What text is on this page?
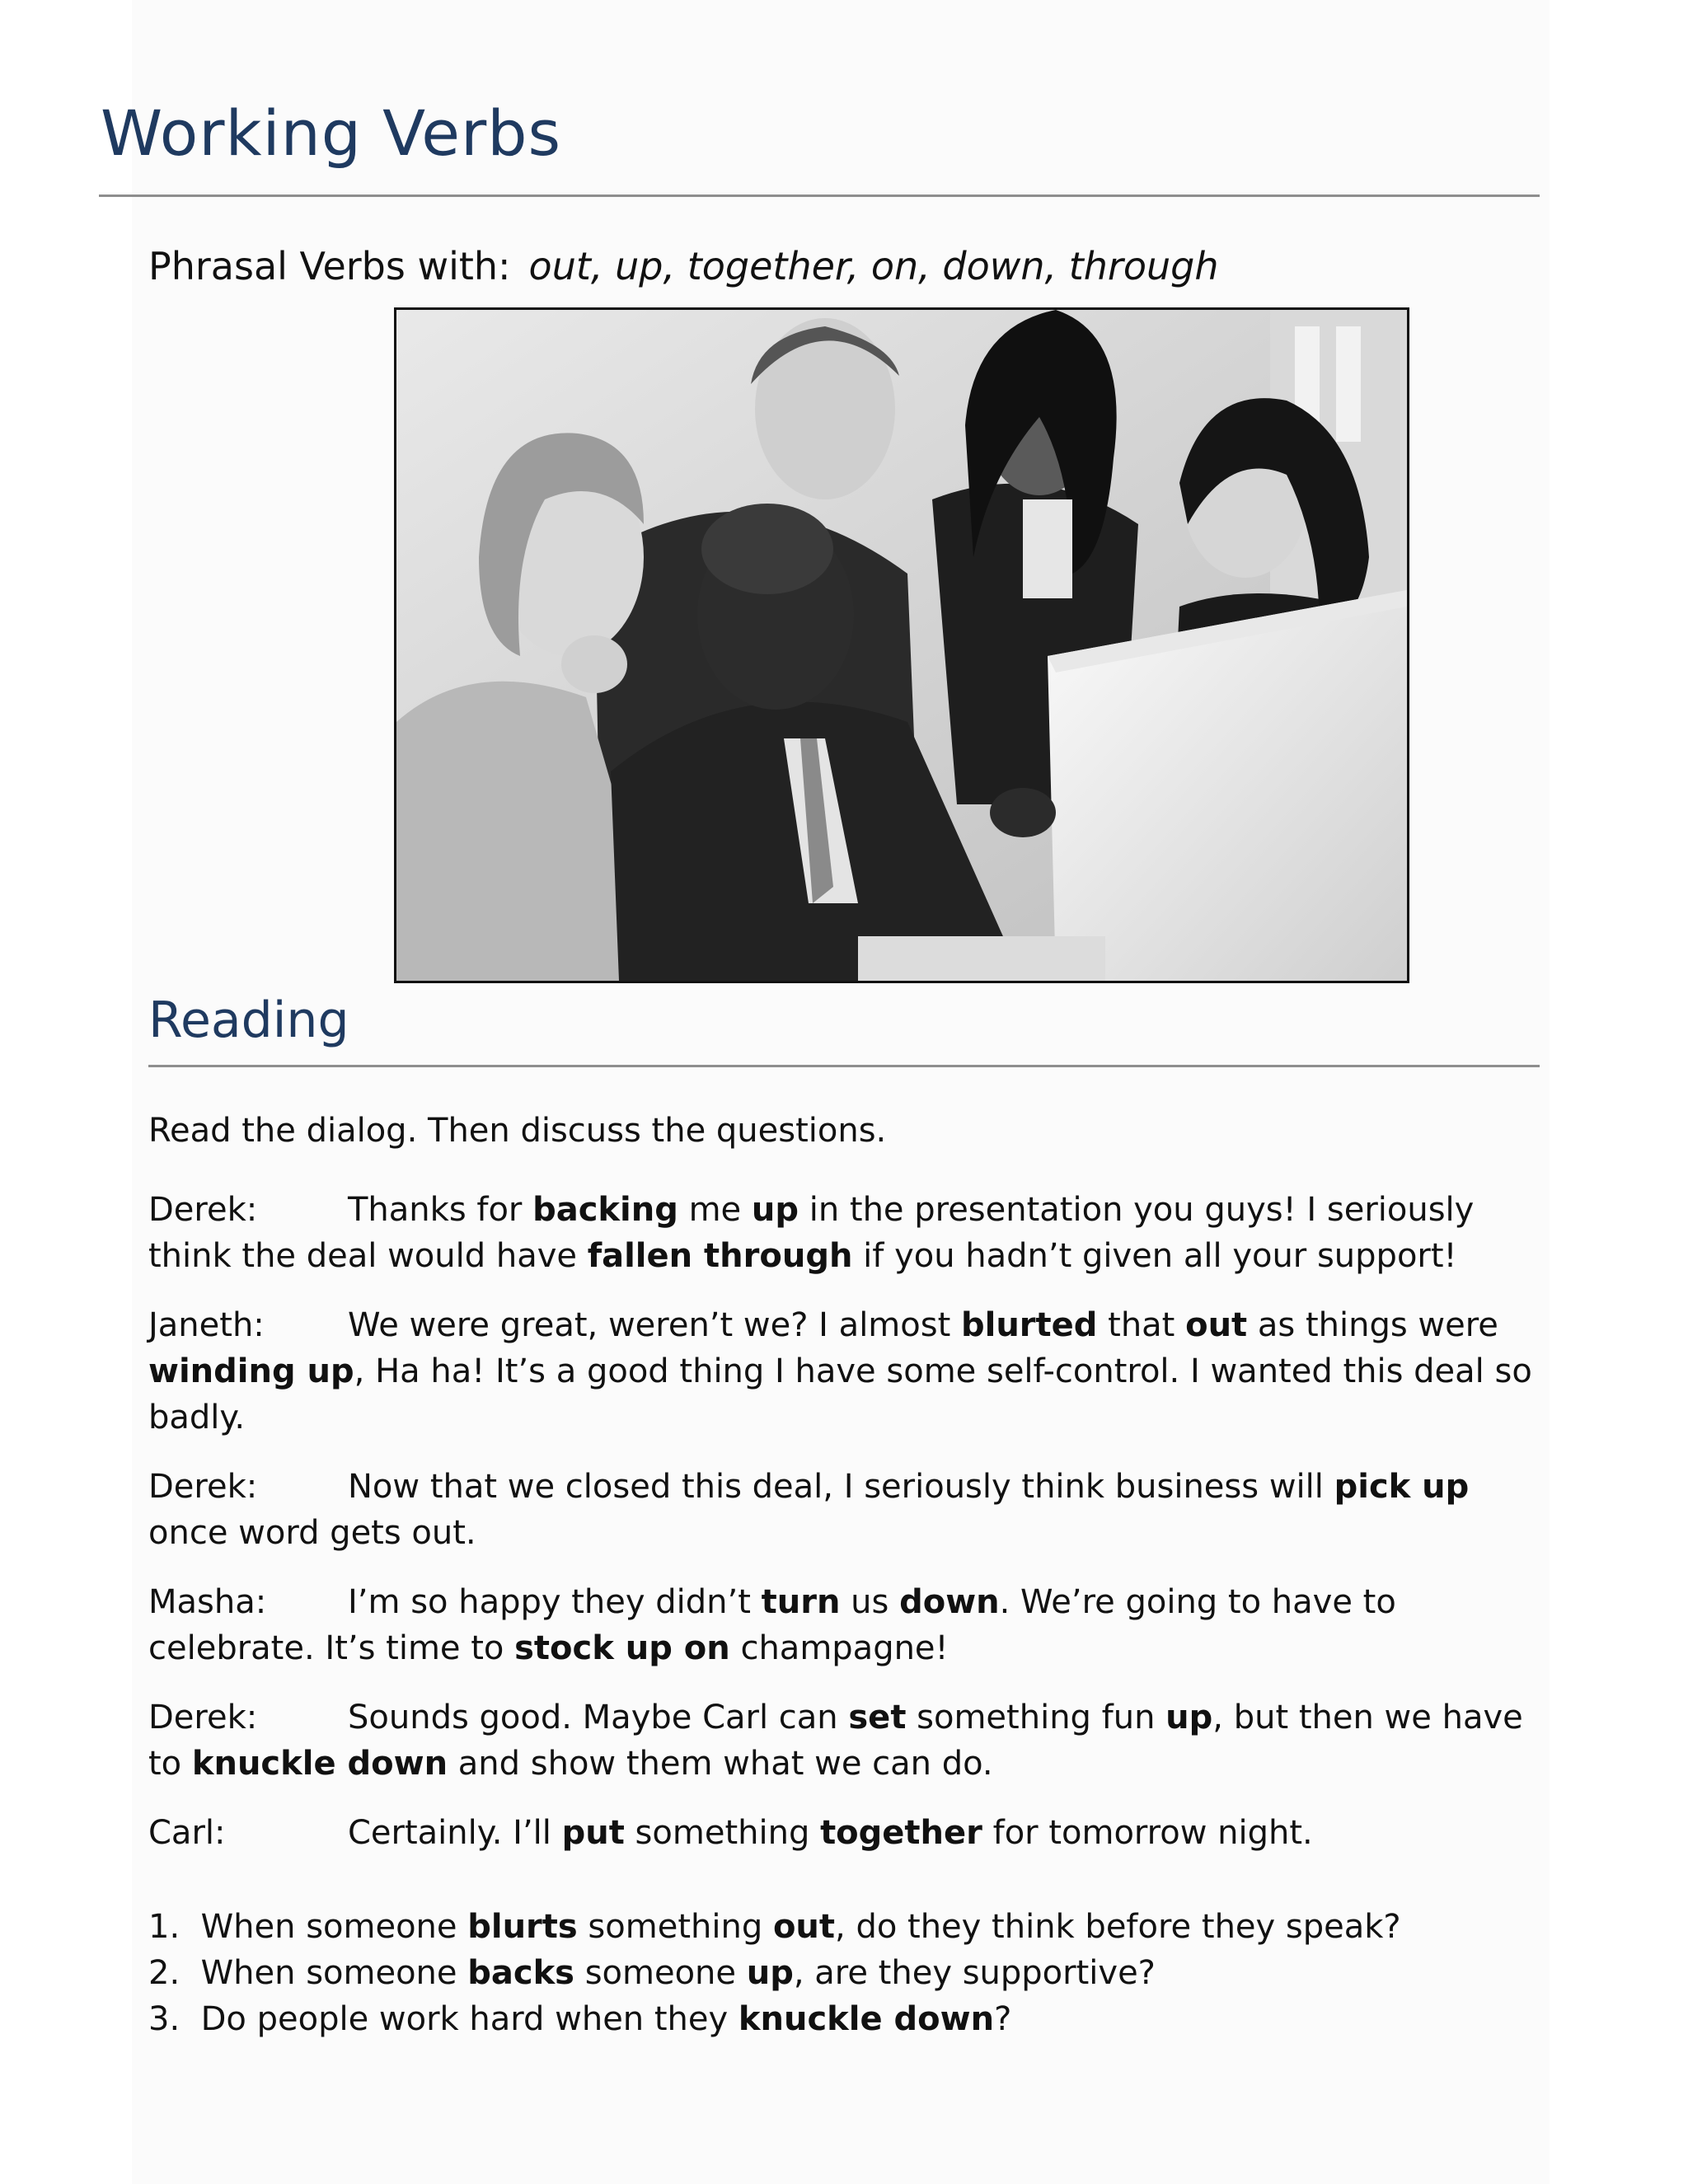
Working Verbs
Phrasal Verbs with: out, up, together, on, down, through
Reading
Read the dialog. Then discuss the questions.

Derek:	Thanks for backing me up in the presentation you guys! I seriously think the deal would have fallen through if you hadn’t given all your support!

Janeth:	We were great, weren’t we? I almost blurted that out as things were winding up, Ha ha! It’s a good thing I have some self-control. I wanted this deal so badly.

Derek:	Now that we closed this deal, I seriously think business will pick up once word gets out.

Masha: I’m so happy they didn’t turn us down. We’re going to have to celebrate. It’s time to stock up on champagne!

Derek:	Sounds good. Maybe Carl can set something fun up, but then we have to knuckle down and show them what we can do.

Carl:	Certainly. I’ll put something together for tomorrow night.

1. When someone blurts something out, do they think before they speak?
2. When someone backs someone up, are they supportive?
3. Do people work hard when they knuckle down?
